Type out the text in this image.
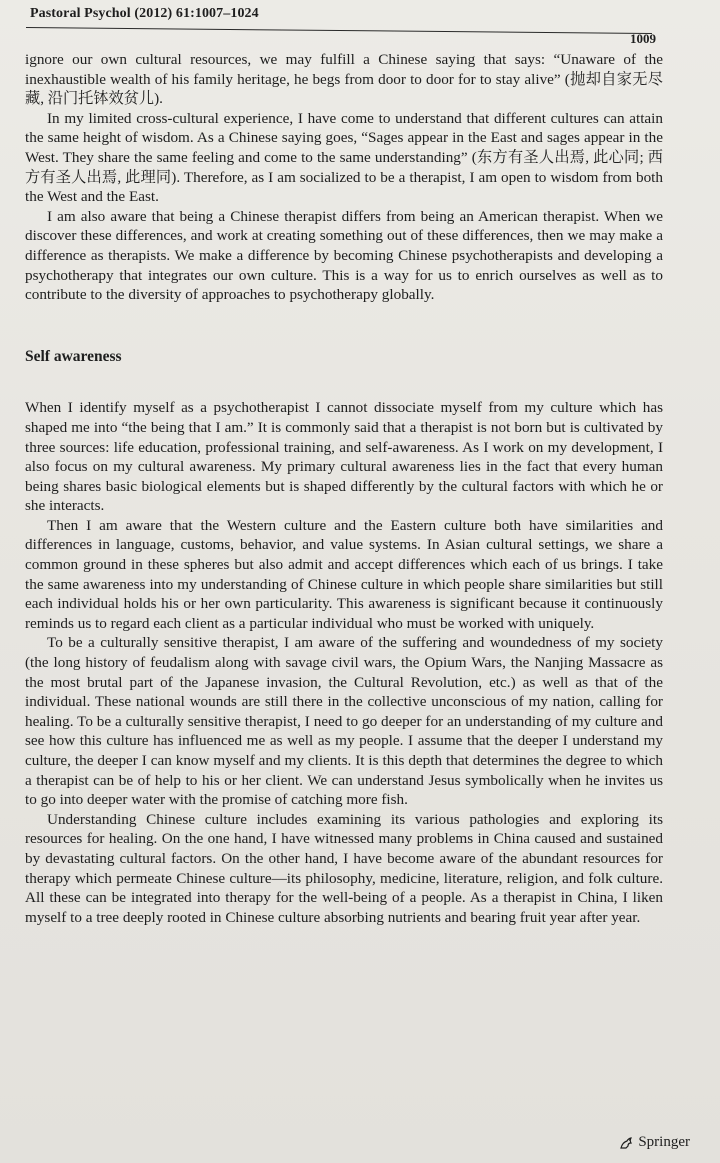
Pastoral Psychol (2012) 61:1007–1024
1009

ignore our own cultural resources, we may fulfill a Chinese saying that says: “Unaware of the inexhaustible wealth of his family heritage, he begs from door to door for to stay alive” (抛却自家无尽藏, 沿门托钵效贫儿).

In my limited cross-cultural experience, I have come to understand that different cultures can attain the same height of wisdom. As a Chinese saying goes, “Sages appear in the East and sages appear in the West. They share the same feeling and come to the same understanding” (东方有圣人出焉, 此心同; 西方有圣人出焉, 此理同). Therefore, as I am socialized to be a therapist, I am open to wisdom from both the West and the East.

I am also aware that being a Chinese therapist differs from being an American therapist. When we discover these differences, and work at creating something out of these differences, then we may make a difference as therapists. We make a difference by becoming Chinese psychotherapists and developing a psychotherapy that integrates our own culture. This is a way for us to enrich ourselves as well as to contribute to the diversity of approaches to psychotherapy globally.

Self awareness

When I identify myself as a psychotherapist I cannot dissociate myself from my culture which has shaped me into “the being that I am.” It is commonly said that a therapist is not born but is cultivated by three sources: life education, professional training, and self-awareness. As I work on my development, I also focus on my cultural awareness. My primary cultural awareness lies in the fact that every human being shares basic biological elements but is shaped differently by the cultural factors with which he or she interacts.

Then I am aware that the Western culture and the Eastern culture both have similarities and differences in language, customs, behavior, and value systems. In Asian cultural settings, we share a common ground in these spheres but also admit and accept differences which each of us brings. I take the same awareness into my understanding of Chinese culture in which people share similarities but still each individual holds his or her own particularity. This awareness is significant because it continuously reminds us to regard each client as a particular individual who must be worked with uniquely.

To be a culturally sensitive therapist, I am aware of the suffering and woundedness of my society (the long history of feudalism along with savage civil wars, the Opium Wars, the Nanjing Massacre as the most brutal part of the Japanese invasion, the Cultural Revolution, etc.) as well as that of the individual. These national wounds are still there in the collective unconscious of my nation, calling for healing. To be a culturally sensitive therapist, I need to go deeper for an understanding of my culture and see how this culture has influenced me as well as my people. I assume that the deeper I understand my culture, the deeper I can know myself and my clients. It is this depth that determines the degree to which a therapist can be of help to his or her client. We can understand Jesus symbolically when he invites us to go into deeper water with the promise of catching more fish.

Understanding Chinese culture includes examining its various pathologies and exploring its resources for healing. On the one hand, I have witnessed many problems in China caused and sustained by devastating cultural factors. On the other hand, I have become aware of the abundant resources for therapy which permeate Chinese culture—its philosophy, medicine, literature, religion, and folk culture. All these can be integrated into therapy for the well-being of a people. As a therapist in China, I liken myself to a tree deeply rooted in Chinese culture absorbing nutrients and bearing fruit year after year.

Springer
